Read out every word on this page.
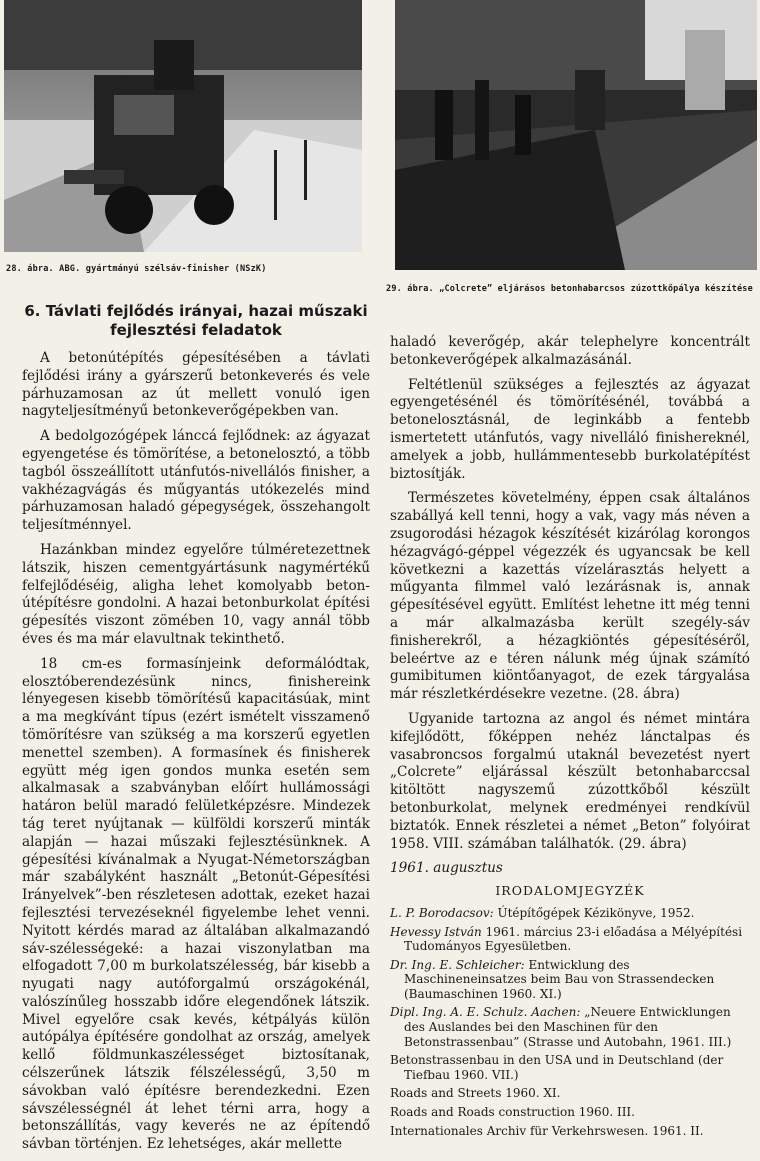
28. ábra. ABG. gyártmányú szélsáv-finisher (NSzK)
29. ábra. „Colcrete” eljárásos betonhabarcsos zúzottkőpálya készítése
6. Távlati fejlődés irányai, hazai műszaki
fejlesztési feladatok

A betonútépítés gépesítésében a távlati fejlődési irány a gyárszerű betonkeverés és vele párhuzamosan az út mellett vonuló igen nagyteljesítményű betonkeverőgépekben van.

A bedolgozógépek lánccá fejlődnek: az ágyazat egyengetése és tömörítése, a betonelosztó, a több tagból összeállított utánfutós-nivellálós finisher, a vakhézagvágás és műgyantás utókezelés mind párhuzamosan haladó gépegységek, összehangolt teljesítménnyel.

Hazánkban mindez egyelőre túlméretezettnek látszik, hiszen cementgyártásunk nagymértékű felfejlődéséig, aligha lehet komolyabb beton-útépítésre gondolni. A hazai betonburkolat építési gépesítés viszont zömében 10, vagy annál több éves és ma már elavultnak tekinthető.

18 cm-es formasínjeink deformálódtak, elosztóberendezésünk nincs, finishereink lényegesen kisebb tömörítésű kapacitásúak, mint a ma megkívánt típus (ezért ismételt visszamenő tömörítésre van szükség a ma korszerű egyetlen menettel szemben). A formasínek és finisherek együtt még igen gondos munka esetén sem alkalmasak a szabványban előírt hullámossági határon belül maradó felületképzésre. Mindezek tág teret nyújtanak — külföldi korszerű minták alapján — hazai műszaki fejlesztésünknek. A gépesítési kívánalmak a Nyugat-Németországban már szabályként használt „Betonút-Gépesítési Irányelvek”-ben részletesen adottak, ezeket hazai fejlesztési tervezéseknél figyelembe lehet venni. Nyitott kérdés marad az általában alkalmazandó sáv-szélességeké: a hazai viszonylatban ma elfogadott 7,00 m burkolatszélesség, bár kisebb a nyugati nagy autóforgalmú országokénál, valószínűleg hosszabb időre elegendőnek látszik. Mivel egyelőre csak kevés, kétpályás külön autópálya építésére gondolhat az ország, amelyek kellő földmunkaszélességet biztosítanak, célszerűnek látszik félszélességű, 3,50 m sávokban való építésre berendezkedni. Ezen sávszélességnél át lehet térni arra, hogy a betonszállítás, vagy keverés ne az építendő sávban történjen. Ez lehetséges, akár mellette

haladó keverőgép, akár telephelyre koncentrált betonkeverőgépek alkalmazásánál.

Feltétlenül szükséges a fejlesztés az ágyazat egyengetésénél és tömörítésénél, továbbá a betonelosztásnál, de leginkább a fentebb ismertetett utánfutós, vagy nivelláló finishereknél, amelyek a jobb, hullámmentesebb burkolatépítést biztosítják.

Természetes követelmény, éppen csak általános szabállyá kell tenni, hogy a vak, vagy más néven a zsugorodási hézagok készítését kizárólag korongos hézagvágó-géppel végezzék és ugyancsak be kell következni a kazettás vízelárasztás helyett a műgyanta filmmel való lezárásnak is, annak gépesítésével együtt. Említést lehetne itt még tenni a már alkalmazásba került szegély-sáv finisherekről, a hézagkiöntés gépesítéséről, beleértve az e téren nálunk még újnak számító gumibitumen kiöntőanyagot, de ezek tárgyalása már részletkérdésekre vezetne. (28. ábra)

Ugyanide tartozna az angol és német mintára kifejlődött, főképpen nehéz lánctalpas és vasabroncsos forgalmú utaknál bevezetést nyert „Colcrete” eljárással készült betonhabarccsal kitöltött nagyszemű zúzottkőből készült betonburkolat, melynek eredményei rendkívül biztatók. Ennek részletei a német „Beton” folyóirat 1958. VIII. számában találhatók. (29. ábra)

1961. augusztus
IRODALOMJEGYZÉK
L. P. Borodacsov: Útépítőgépek Kézikönyve, 1952.
Hevessy István 1961. március 23-i előadása a Mélyépítési Tudományos Egyesületben.
Dr. Ing. E. Schleicher: Entwicklung des Maschineneinsatzes beim Bau von Strassendecken (Baumaschinen 1960. XI.)
Dipl. Ing. A. E. Schulz. Aachen: „Neuere Entwicklungen des Auslandes bei den Maschinen für den Betonstrassenbau” (Strasse und Autobahn, 1961. III.)
Betonstrassenbau in den USA und in Deutschland (der Tiefbau 1960. VII.)
Roads and Streets 1960. XI.
Roads and Roads construction 1960. III.
Internationales Archiv für Verkehrswesen. 1961. II.
